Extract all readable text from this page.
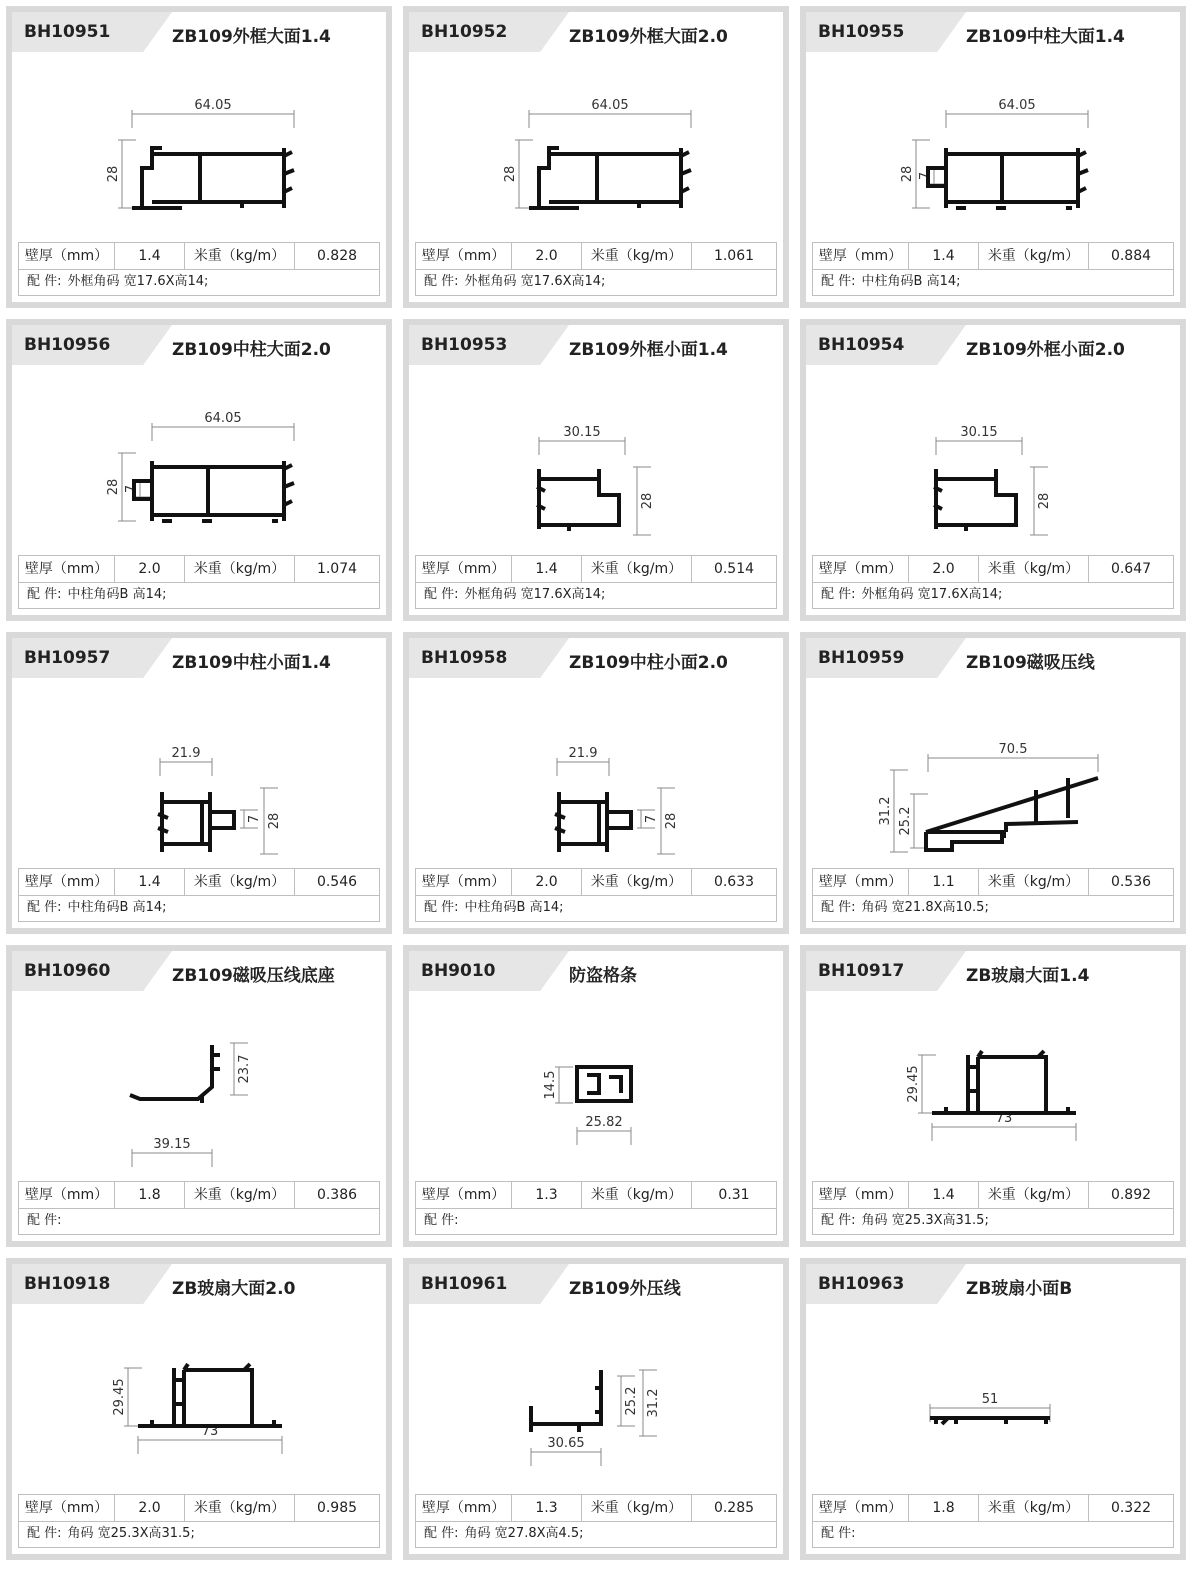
BH10951	ZB109外框大面1.4
64.05
28
壁厚（mm）	1.4	米重（kg/m）	0.828
配 件: 外框角码 宽17.6X高14;
BH10952	ZB109外框大面2.0
64.05
28
壁厚（mm）	2.0	米重（kg/m）	1.061
配 件: 外框角码 宽17.6X高14;
BH10955	ZB109中柱大面1.4
64.05
28 7
壁厚（mm）	1.4	米重（kg/m）	0.884
配 件: 中柱角码B 高14;
BH10956	ZB109中柱大面2.0
64.05
28 7
壁厚（mm）	2.0	米重（kg/m）	1.074
配 件: 中柱角码B 高14;
BH10953	ZB109外框小面1.4
30.15
28
壁厚（mm）	1.4	米重（kg/m）	0.514
配 件: 外框角码 宽17.6X高14;
BH10954	ZB109外框小面2.0
30.15
28
壁厚（mm）	2.0	米重（kg/m）	0.647
配 件: 外框角码 宽17.6X高14;
BH10957	ZB109中柱小面1.4
21.9
28
7
壁厚（mm）	1.4	米重（kg/m）	0.546
配 件: 中柱角码B 高14;
BH10958	ZB109中柱小面2.0
21.9
28
7
壁厚（mm）	2.0	米重（kg/m）	0.633
配 件: 中柱角码B 高14;
BH10959	ZB109磁吸压线
70.5
31.2 25.2
壁厚（mm）	1.1	米重（kg/m）	0.536
配 件: 角码 宽21.8X高10.5;
BH10960	ZB109磁吸压线底座
39.15
23.7
壁厚（mm）	1.8	米重（kg/m）	0.386
配 件:
BH9010	防盗格条
25.82
14.5
壁厚（mm）	1.3	米重（kg/m）	0.31
配 件:
BH10917	ZB玻扇大面1.4
73
29.45
壁厚（mm）	1.4	米重（kg/m）	0.892
配 件: 角码 宽25.3X高31.5;
BH10918	ZB玻扇大面2.0
73
29.45
壁厚（mm）	2.0	米重（kg/m）	0.985
配 件: 角码 宽25.3X高31.5;
BH10961	ZB109外压线
30.65
25.2 31.2
壁厚（mm）	1.3	米重（kg/m）	0.285
配 件: 角码 宽27.8X高4.5;
BH10963	ZB玻扇小面B
51
壁厚（mm）	1.8	米重（kg/m）	0.322
配 件:
